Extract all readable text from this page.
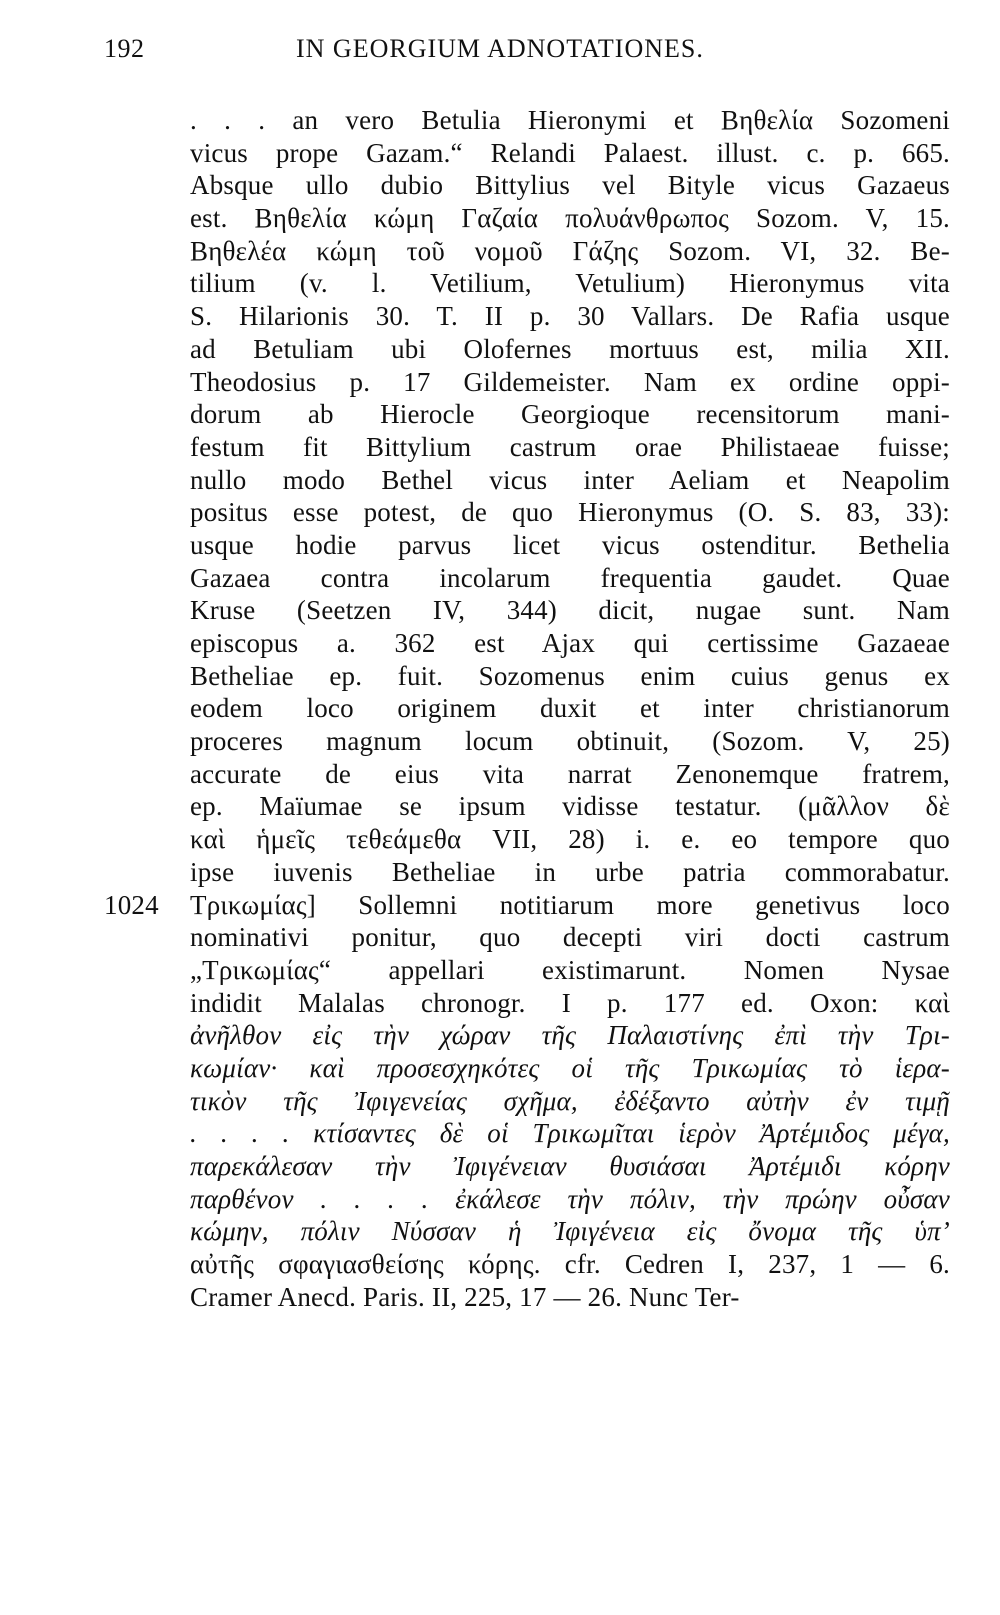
192	IN GEORGIUM ADNOTATIONES.
. . . an vero Betulia Hieronymi et Βηθελία Sozomeni
vicus prope Gazam.“ Relandi Palaest. illust. c. p. 665.
Absque ullo dubio Bittylius vel Bityle vicus Gazaeus
est. Βηθελία κώμη Γαζαία πολυάνθρωπος Sozom. V, 15.
Βηθελέα κώμη τοῦ νομοῦ Γάζης Sozom. VI, 32. Be-
tilium (v. l. Vetilium, Vetulium) Hieronymus vita
S. Hilarionis 30. T. II p. 30 Vallars. De Rafia usque
ad Betuliam ubi Olofernes mortuus est, milia XII.
Theodosius p. 17 Gildemeister. Nam ex ordine oppi-
dorum ab Hierocle Georgioque recensitorum mani-
festum fit Bittylium castrum orae Philistaeae fuisse;
nullo modo Bethel vicus inter Aeliam et Neapolim
positus esse potest, de quo Hieronymus (O. S. 83, 33):
usque hodie parvus licet vicus ostenditur. Bethelia
Gazaea contra incolarum frequentia gaudet. Quae
Kruse (Seetzen IV, 344) dicit, nugae sunt. Nam
episcopus a. 362 est Ajax qui certissime Gazaeae
Betheliae ep. fuit. Sozomenus enim cuius genus ex
eodem loco originem duxit et inter christianorum
proceres magnum locum obtinuit, (Sozom. V, 25)
accurate de eius vita narrat Zenonemque fratrem,
ep. Maïumae se ipsum vidisse testatur. (μᾶλλον δὲ
καὶ ἡμεῖς τεθεάμεθα VII, 28) i. e. eo tempore quo
ipse iuvenis Betheliae in urbe patria commorabatur.
1024 Τρικωμίας] Sollemni notitiarum more genetivus loco
nominativi ponitur, quo decepti viri docti castrum
„Τρικωμίας“ appellari existimarunt. Nomen Nysae
indidit Malalas chronogr. I p. 177 ed. Oxon: καὶ
ἀνῆλθον εἰς τὴν χώραν τῆς Παλαιστίνης ἐπὶ τὴν Τρι-
κωμίαν· καὶ προσεσχηκότες οἱ τῆς Τρικωμίας τὸ ἱερα-
τικὸν τῆς Ἰφιγενείας σχῆμα, ἐδέξαντο αὐτὴν ἐν τιμῇ
. . . . κτίσαντες δὲ οἱ Τρικωμῖται ἱερὸν Ἀρτέμιδος μέγα,
παρεκάλεσαν τὴν Ἰφιγένειαν θυσιάσαι Ἀρτέμιδι κόρην
παρθένον . . . . ἐκάλεσε τὴν πόλιν, τὴν πρώην οὖσαν
κώμην, πόλιν Νύσσαν ἡ Ἰφιγένεια εἰς ὄνομα τῆς ὑπ’
αὐτῆς σφαγιασθείσης κόρης. cfr. Cedren I, 237, 1 — 6.
Cramer Anecd. Paris. II, 225, 17 — 26. Nunc Ter-
